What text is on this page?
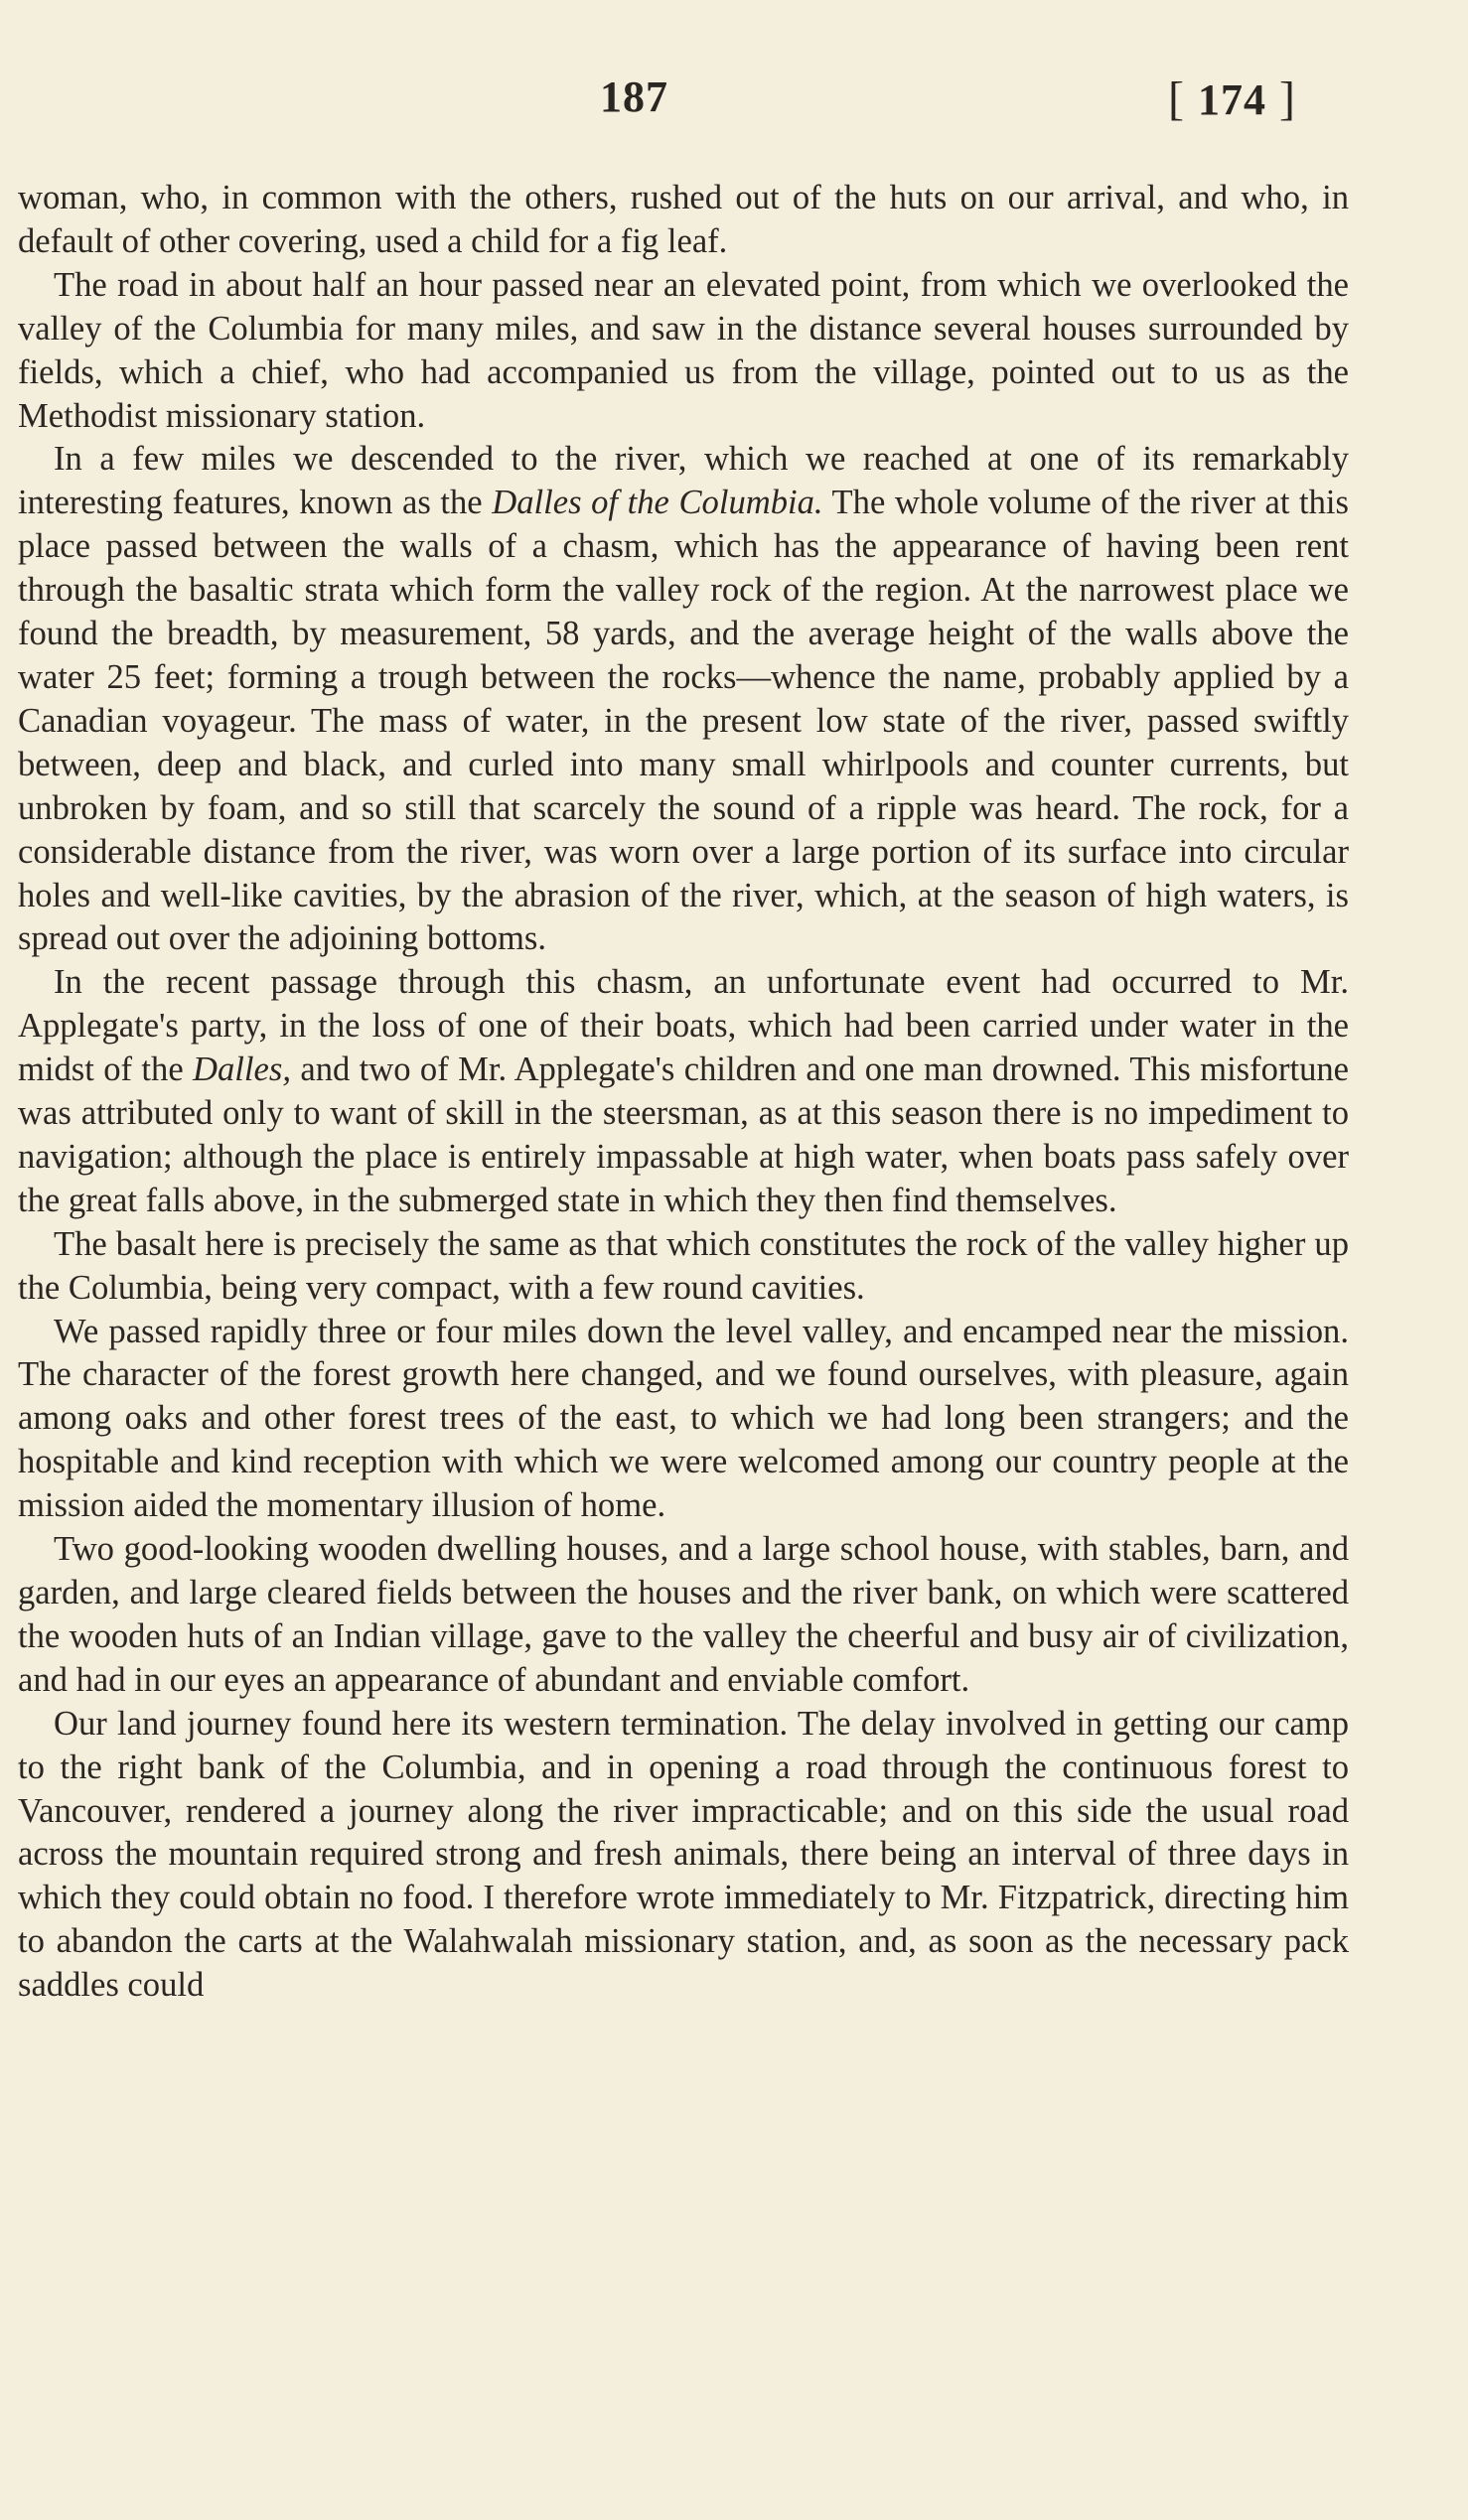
187	[ 174 ]

woman, who, in common with the others, rushed out of the huts on our arrival, and who, in default of other covering, used a child for a fig leaf.

The road in about half an hour passed near an elevated point, from which we overlooked the valley of the Columbia for many miles, and saw in the distance several houses surrounded by fields, which a chief, who had accompanied us from the village, pointed out to us as the Methodist missionary station.

In a few miles we descended to the river, which we reached at one of its remarkably interesting features, known as the Dalles of the Columbia. The whole volume of the river at this place passed between the walls of a chasm, which has the appearance of having been rent through the basaltic strata which form the valley rock of the region. At the narrowest place we found the breadth, by measurement, 58 yards, and the average height of the walls above the water 25 feet; forming a trough between the rocks—whence the name, probably applied by a Canadian voyageur. The mass of water, in the present low state of the river, passed swiftly between, deep and black, and curled into many small whirlpools and counter currents, but unbroken by foam, and so still that scarcely the sound of a ripple was heard. The rock, for a considerable distance from the river, was worn over a large portion of its surface into circular holes and well-like cavities, by the abrasion of the river, which, at the season of high waters, is spread out over the adjoining bottoms.

In the recent passage through this chasm, an unfortunate event had occurred to Mr. Applegate's party, in the loss of one of their boats, which had been carried under water in the midst of the Dalles, and two of Mr. Applegate's children and one man drowned. This misfortune was attributed only to want of skill in the steersman, as at this season there is no impediment to navigation; although the place is entirely impassable at high water, when boats pass safely over the great falls above, in the submerged state in which they then find themselves.

The basalt here is precisely the same as that which constitutes the rock of the valley higher up the Columbia, being very compact, with a few round cavities.

We passed rapidly three or four miles down the level valley, and encamped near the mission. The character of the forest growth here changed, and we found ourselves, with pleasure, again among oaks and other forest trees of the east, to which we had long been strangers; and the hospitable and kind reception with which we were welcomed among our country people at the mission aided the momentary illusion of home.

Two good-looking wooden dwelling houses, and a large school house, with stables, barn, and garden, and large cleared fields between the houses and the river bank, on which were scattered the wooden huts of an Indian village, gave to the valley the cheerful and busy air of civilization, and had in our eyes an appearance of abundant and enviable comfort.

Our land journey found here its western termination. The delay involved in getting our camp to the right bank of the Columbia, and in opening a road through the continuous forest to Vancouver, rendered a journey along the river impracticable; and on this side the usual road across the mountain required strong and fresh animals, there being an interval of three days in which they could obtain no food. I therefore wrote immediately to Mr. Fitzpatrick, directing him to abandon the carts at the Walahwalah missionary station, and, as soon as the necessary pack saddles could
